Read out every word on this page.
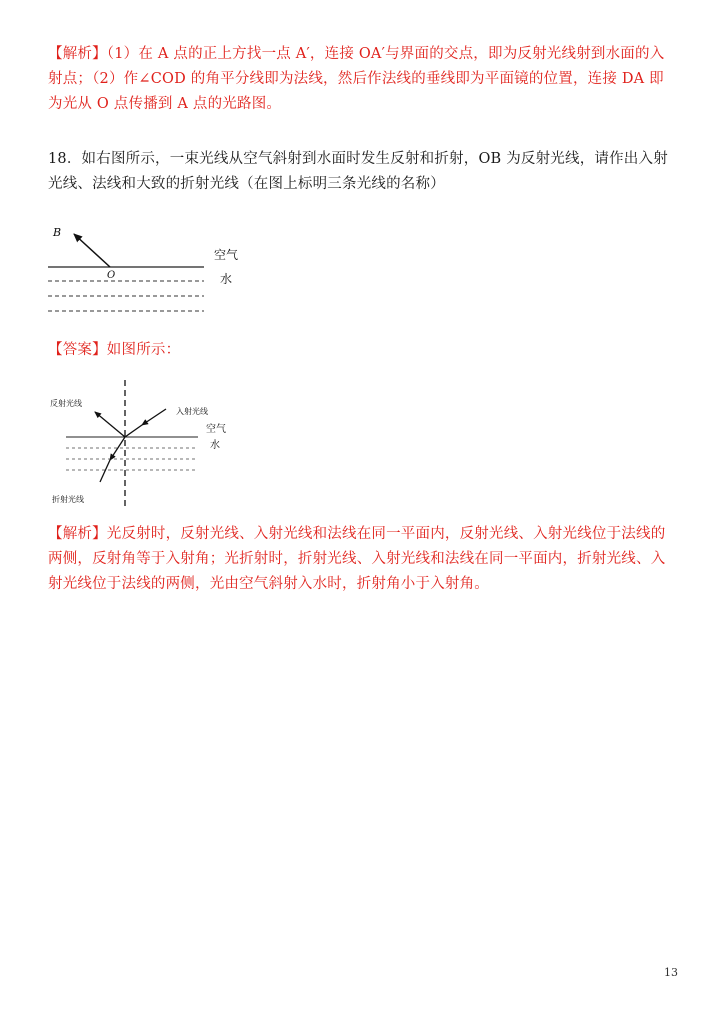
【解析】（1）在 A 点的正上方找一点 A′，连接 OA′与界面的交点，即为反射光线射到水面的入射点；（2）作∠COD 的角平分线即为法线，然后作法线的垂线即为平面镜的位置，连接 DA 即为光从 O 点传播到 A 点的光路图。
18．如右图所示，一束光线从空气斜射到水面时发生反射和折射，OB 为反射光线，请作出入射光线、法线和大致的折射光线（在图上标明三条光线的名称）
B
O
空气
水
【答案】如图所示：
反射光线
入射光线
折射光线
空气
水
【解析】光反射时，反射光线、入射光线和法线在同一平面内，反射光线、入射光线位于法线的两侧，反射角等于入射角；光折射时，折射光线、入射光线和法线在同一平面内，折射光线、入射光线位于法线的两侧，光由空气斜射入水时，折射角小于入射角。
13
